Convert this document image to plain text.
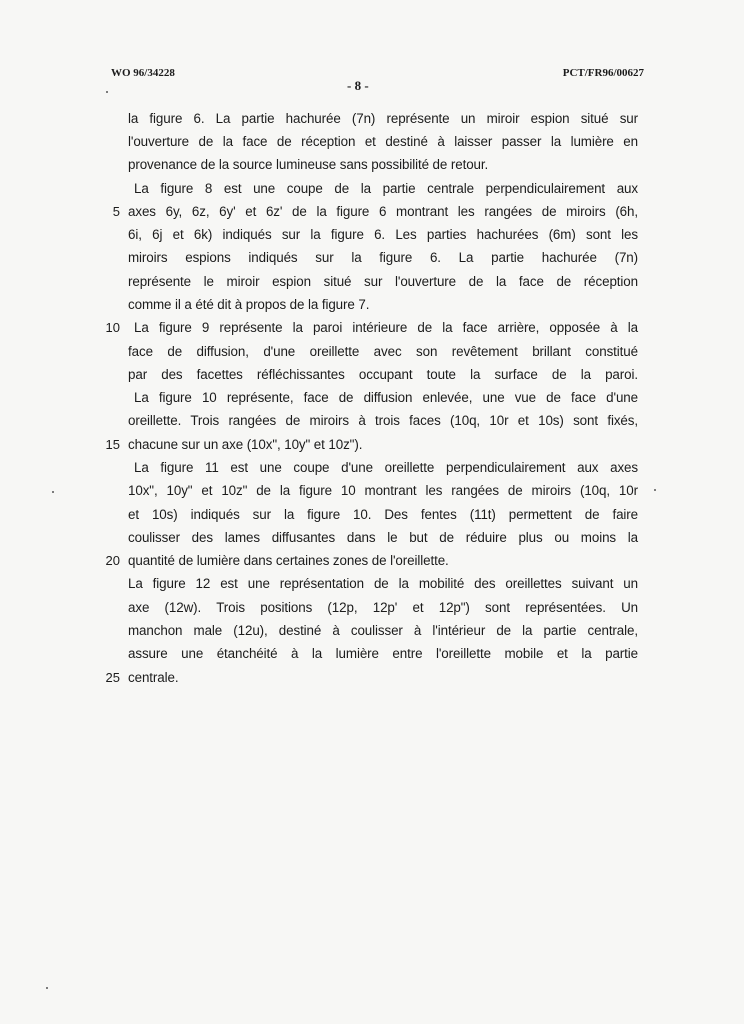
WO 96/34228
- 8 -
PCT/FR96/00627
la figure 6. La partie hachurée (7n) représente un miroir espion situé sur
l'ouverture de la face de réception et destiné à laisser passer la lumière en
provenance de la source lumineuse sans possibilité de retour.
La figure 8 est une coupe de la partie centrale perpendiculairement aux
axes 6y, 6z, 6y' et 6z' de la figure 6 montrant les rangées de miroirs (6h,
6i, 6j et 6k) indiqués sur la figure 6. Les parties hachurées (6m) sont les
miroirs espions indiqués sur la figure 6. La partie hachurée (7n)
représente le miroir espion situé sur l'ouverture de la face de réception
comme il a été dit à propos de la figure 7.
La figure 9 représente la paroi intérieure de la face arrière, opposée à la
face de diffusion, d'une oreillette avec son revêtement brillant constitué
par des facettes réfléchissantes occupant toute la surface de la paroi.
La figure 10 représente, face de diffusion enlevée, une vue de face d'une
oreillette. Trois rangées de miroirs à trois faces (10q, 10r et 10s) sont fixés,
chacune sur un axe (10x", 10y" et 10z").
La figure 11 est une coupe d'une oreillette perpendiculairement aux axes
10x", 10y" et 10z" de la figure 10 montrant les rangées de miroirs (10q, 10r
et 10s) indiqués sur la figure 10. Des fentes (11t) permettent de faire
coulisser des lames diffusantes dans le but de réduire plus ou moins la
quantité de lumière dans certaines zones de l'oreillette.
La figure 12 est une représentation de la mobilité des oreillettes suivant un
axe (12w). Trois positions (12p, 12p' et 12p") sont représentées. Un
manchon male (12u), destiné à coulisser à l'intérieur de la partie centrale,
assure une étanchéité à la lumière entre l'oreillette mobile et la partie
centrale.
5
10
15
20
25
